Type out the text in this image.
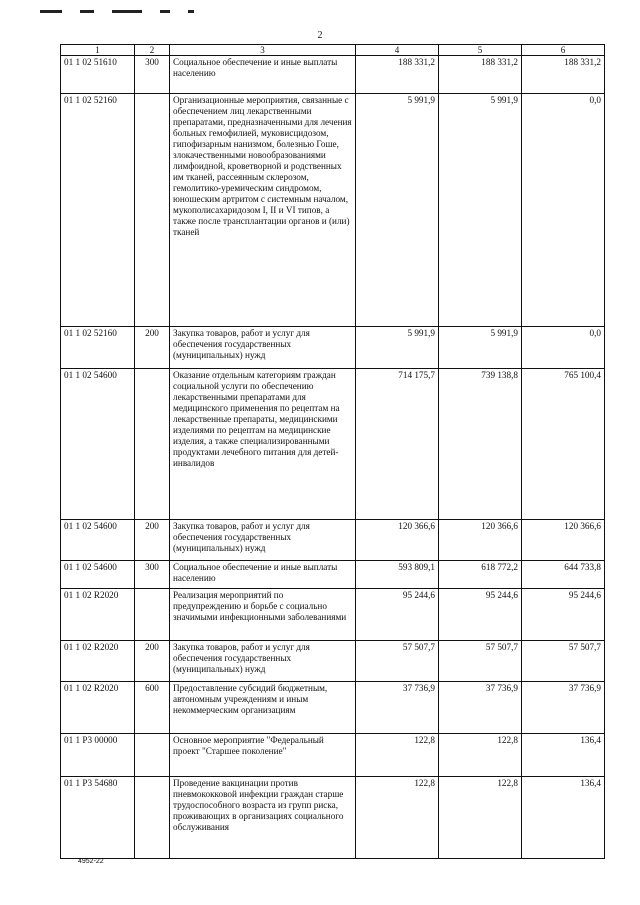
2
1	2	3	4	5	6
01 1 02 51610	300	Социальное обеспечение и иные выплаты населению	188 331,2	188 331,2	188 331,2
01 1 02 52160		Организационные мероприятия, связанные с обеспечением лиц лекарственными препаратами, предназначенными для лечения больных гемофилией, муковисцидозом, гипофизарным нанизмом, болезнью Гоше, злокачественными новообразованиями лимфоидной, кроветворной и родственных им тканей, рассеянным склерозом, гемолитико-уремическим синдромом, юношеским артритом с системным началом, мукополисахаридозом I, II и VI типов, а также после трансплантации органов и (или) тканей	5 991,9	5 991,9	0,0
01 1 02 52160	200	Закупка товаров, работ и услуг для обеспечения государственных (муниципальных) нужд	5 991,9	5 991,9	0,0
01 1 02 54600		Оказание отдельным категориям граждан социальной услуги по обеспечению лекарственными препаратами для медицинского применения по рецептам на лекарственные препараты, медицинскими изделиями по рецептам на медицинские изделия, а также специализированными продуктами лечебного питания для детей-инвалидов	714 175,7	739 138,8	765 100,4
01 1 02 54600	200	Закупка товаров, работ и услуг для обеспечения государственных (муниципальных) нужд	120 366,6	120 366,6	120 366,6
01 1 02 54600	300	Социальное обеспечение и иные выплаты населению	593 809,1	618 772,2	644 733,8
01 1 02 R2020		Реализация мероприятий по предупреждению и борьбе с социально значимыми инфекционными заболеваниями	95 244,6	95 244,6	95 244,6
01 1 02 R2020	200	Закупка товаров, работ и услуг для обеспечения государственных (муниципальных) нужд	57 507,7	57 507,7	57 507,7
01 1 02 R2020	600	Предоставление субсидий бюджетным, автономным учреждениям и иным некоммерческим организациям	37 736,9	37 736,9	37 736,9
01 1 P3 00000		Основное мероприятие "Федеральный проект "Старшее поколение"	122,8	122,8	136,4
01 1 P3 54680		Проведение вакцинации против пневмококковой инфекции граждан старше трудоспособного возраста из групп риска, проживающих в организациях социального обслуживания	122,8	122,8	136,4
4952-22
